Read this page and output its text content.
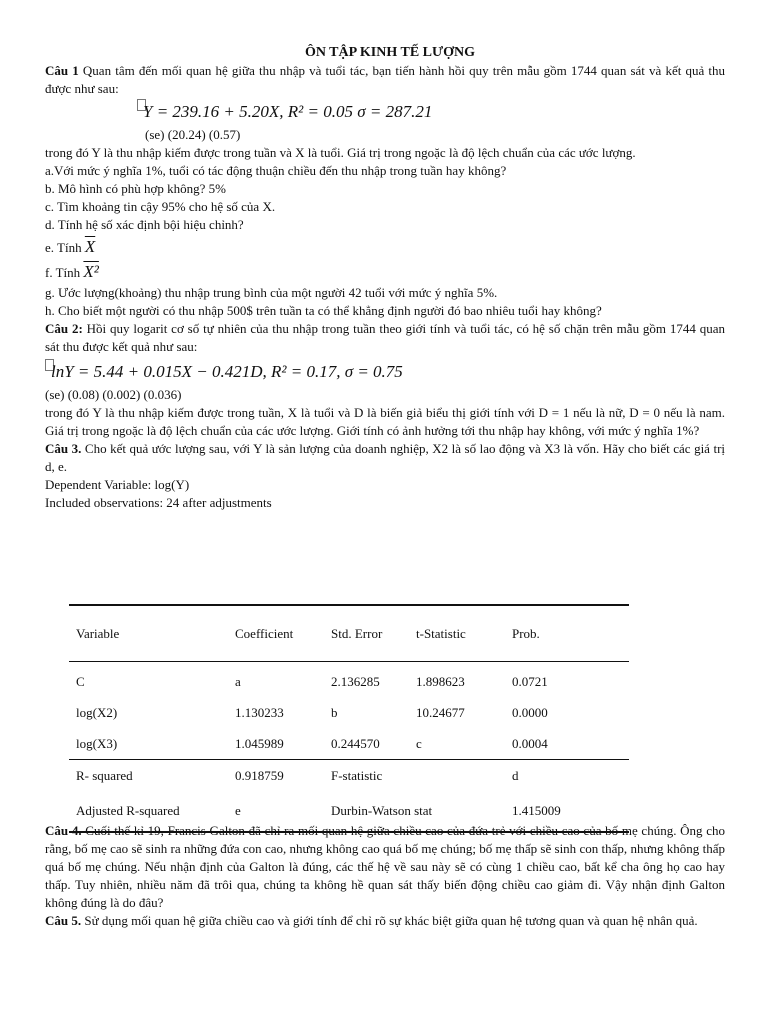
ÔN TẬP KINH TẾ LƯỢNG

Câu 1 Quan tâm đến mối quan hệ giữa thu nhập và tuổi tác, bạn tiến hành hồi quy trên mẫu gồm 1744 quan sát và kết quả thu được như sau:

Y = 239.16 + 5.20X, R² = 0.05 σ = 287.21
(se) (20.24) (0.57)

trong đó Y là thu nhập kiếm được trong tuần và X là tuổi. Giá trị trong ngoặc là độ lệch chuẩn của các ước lượng.

a.Với mức ý nghĩa 1%, tuổi có tác động thuận chiều đến thu nhập trong tuần hay không?

b. Mô hình có phù hợp không? 5%

c. Tìm khoảng tin cậy 95% cho hệ số của X.

d. Tính hệ số xác định bội hiệu chỉnh?

e. Tính $\overline{X}$

f. Tính X²

g. Ước lượng(khoảng) thu nhập trung bình của một người 42 tuổi với mức ý nghĩa 5%.

h. Cho biết một người có thu nhập 500$ trên tuần ta có thể khẳng định người đó bao nhiêu tuổi hay không?

Câu 2: Hồi quy logarit cơ số tự nhiên của thu nhập trong tuần theo giới tính và tuổi tác, có hệ số chặn trên mẫu gồm 1744 quan sát thu được kết quả như sau:

lnY = 5.44 + 0.015X − 0.421D, R² = 0.17, σ = 0.75
(se) (0.08) (0.002) (0.036)

trong đó Y là thu nhập kiếm được trong tuần, X là tuổi và D là biến giả biểu thị giới tính với D = 1 nếu là nữ, D = 0 nếu là nam. Giá trị trong ngoặc là độ lệch chuẩn của các ước lượng. Giới tính có ảnh hưởng tới thu nhập hay không, với mức ý nghĩa 1%?

Câu 3. Cho kết quả ước lượng sau, với Y là sản lượng của doanh nghiệp, X2 là số lao động và X3 là vốn. Hãy cho biết các giá trị d, e.

Dependent Variable: log(Y)

Included observations: 24 after adjustments

Variable	Coefficient	Std. Error	t-Statistic	Prob.
C	a	2.136285	1.898623	0.0721
log(X2)	1.130233	b	10.24677	0.0000
log(X3)	1.045989	0.244570	c	0.0004
R- squared	0.918759	F-statistic		d
Adjusted R-squared	e	Durbin-Watson stat		1.415009

Câu 4. Cuối thế kỉ 19, Francis Galton đã chỉ ra mối quan hệ giữa chiều cao của đứa trẻ với chiều cao của bố mẹ chúng. Ông cho rằng, bố mẹ cao sẽ sinh ra những đứa con cao, nhưng không cao quá bố mẹ chúng; bố mẹ thấp sẽ sinh con thấp, nhưng không thấp quá bố mẹ chúng. Nếu nhận định của Galton là đúng, các thế hệ về sau này sẽ có cùng 1 chiều cao, bất kể cha ông họ cao hay thấp. Tuy nhiên, nhiều năm đã trôi qua, chúng ta không hề quan sát thấy biến động chiều cao giảm đi. Vậy nhận định Galton không đúng là do đâu?

Câu 5. Sử dụng mối quan hệ giữa chiều cao và giới tính để chỉ rõ sự khác biệt giữa quan hệ tương quan và quan hệ nhân quả.
